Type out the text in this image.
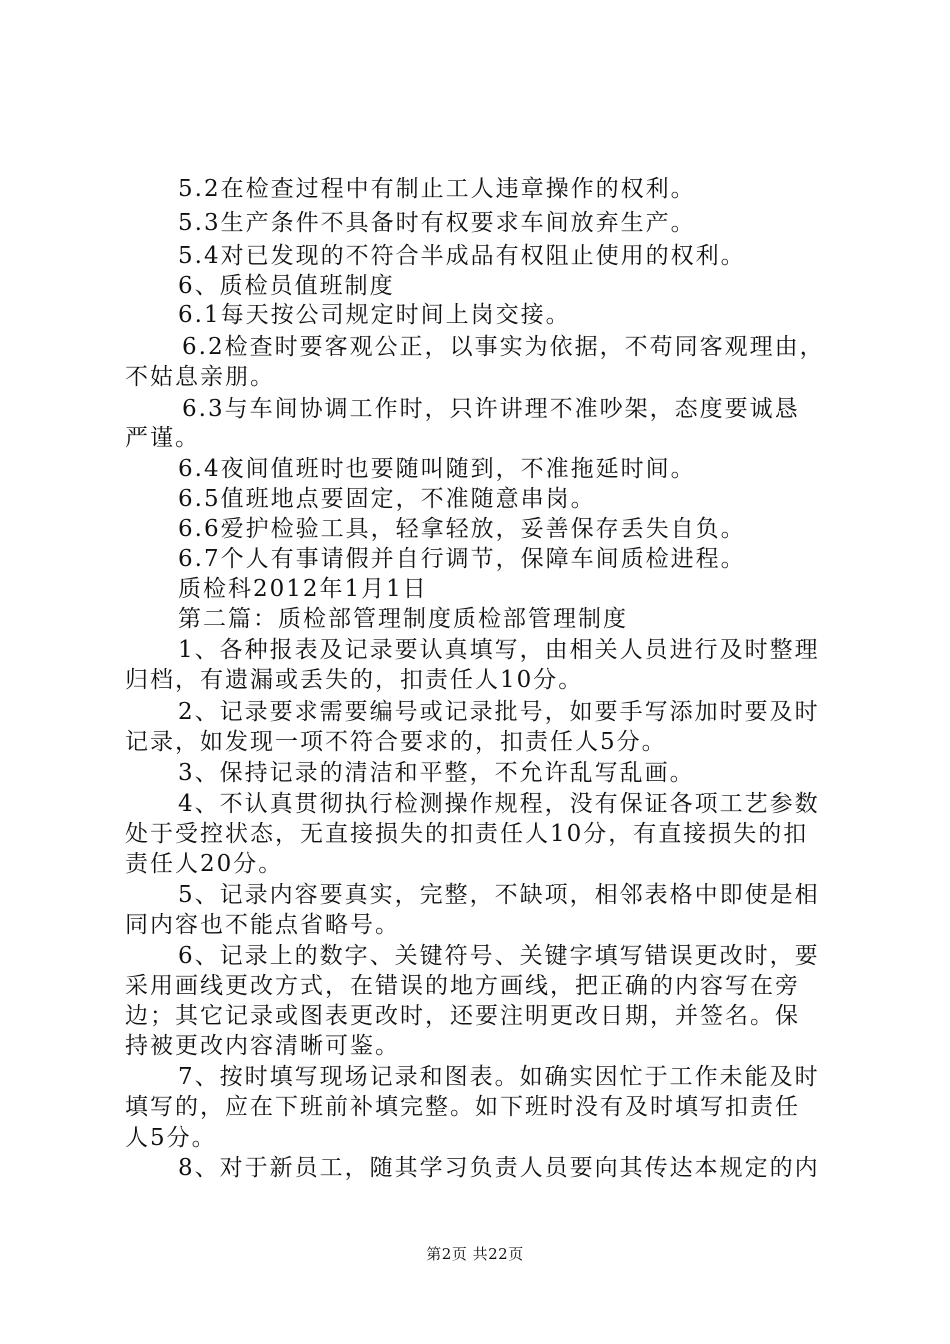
5.2在检查过程中有制止工人违章操作的权利。
5.3生产条件不具备时有权要求车间放弃生产。
5.4对已发现的不符合半成品有权阻止使用的权利。
6、质检员值班制度
6.1每天按公司规定时间上岗交接。
6.2检查时要客观公正，以事实为依据，不苟同客观理由，
不姑息亲朋。
6.3与车间协调工作时，只许讲理不准吵架，态度要诚恳
严谨。
6.4夜间值班时也要随叫随到，不准拖延时间。
6.5值班地点要固定，不准随意串岗。
6.6爱护检验工具，轻拿轻放，妥善保存丢失自负。
6.7个人有事请假并自行调节，保障车间质检进程。
质检科2012年1月1日
第二篇：质检部管理制度质检部管理制度
1、各种报表及记录要认真填写，由相关人员进行及时整理
归档，有遗漏或丢失的，扣责任人10分。
2、记录要求需要编号或记录批号，如要手写添加时要及时
记录，如发现一项不符合要求的，扣责任人5分。
3、保持记录的清洁和平整，不允许乱写乱画。
4、不认真贯彻执行检测操作规程，没有保证各项工艺参数
处于受控状态，无直接损失的扣责任人10分，有直接损失的扣
责任人20分。
5、记录内容要真实，完整，不缺项，相邻表格中即使是相
同内容也不能点省略号。
6、记录上的数字、关键符号、关键字填写错误更改时，要
采用画线更改方式，在错误的地方画线，把正确的内容写在旁
边；其它记录或图表更改时，还要注明更改日期，并签名。保
持被更改内容清晰可鉴。
7、按时填写现场记录和图表。如确实因忙于工作未能及时
填写的，应在下班前补填完整。如下班时没有及时填写扣责任
人5分。
8、对于新员工，随其学习负责人员要向其传达本规定的内
第2页 共22页
